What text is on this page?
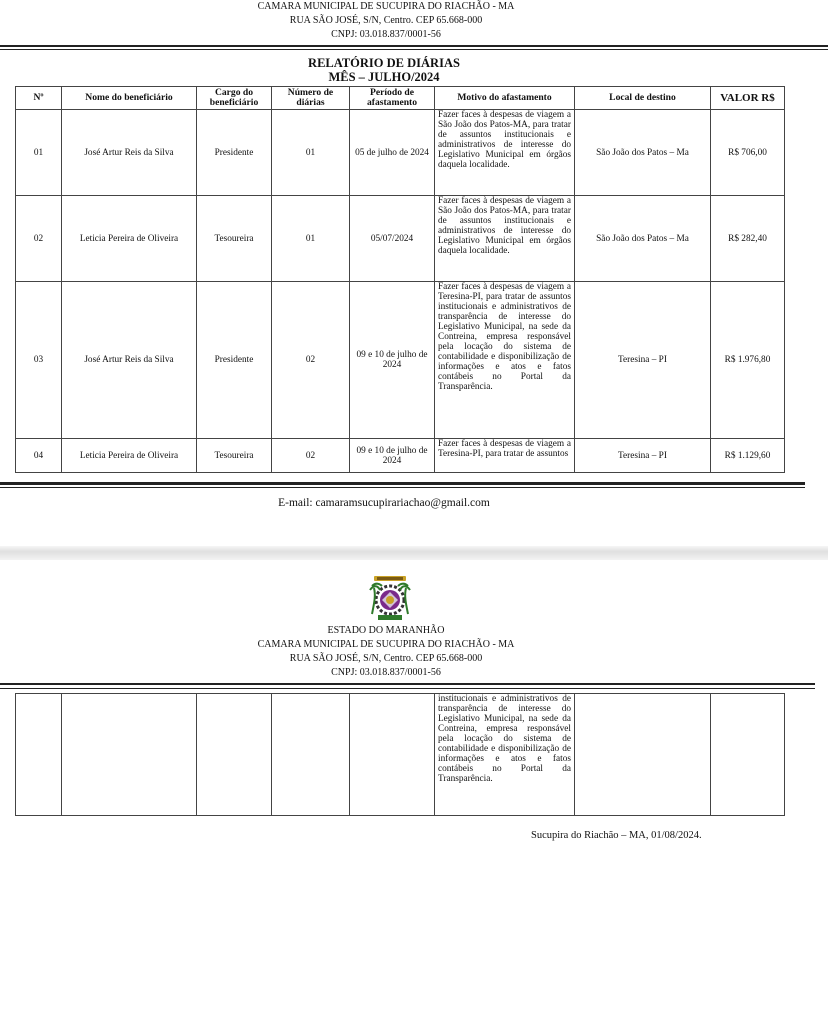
CAMARA MUNICIPAL DE SUCUPIRA DO RIACHÃO - MA
RUA SÃO JOSÉ, S/N, Centro. CEP 65.668-000
CNPJ: 03.018.837/0001-56
RELATÓRIO DE DIÁRIAS
MÊS – JULHO/2024
Nº	Nome do beneficiário	Cargo do beneficiário	Número de diárias	Período de afastamento	Motivo do afastamento	Local de destino	VALOR R$
01	José Artur Reis da Silva	Presidente	01	05 de julho de 2024	Fazer faces à despesas de viagem a São João dos Patos-MA, para tratar de assuntos institucionais e administrativos de interesse do Legislativo Municipal em órgãos daquela localidade.	São João dos Patos – Ma	R$ 706,00
02	Leticia Pereira de Oliveira	Tesoureira	01	05/07/2024	Fazer faces à despesas de viagem a São João dos Patos-MA, para tratar de assuntos institucionais e administrativos de interesse do Legislativo Municipal em órgãos daquela localidade.	São João dos Patos – Ma	R$ 282,40
03	José Artur Reis da Silva	Presidente	02	09 e 10 de julho de 2024	Fazer faces à despesas de viagem a Teresina-PI, para tratar de assuntos institucionais e administrativos de transparência de interesse do Legislativo Municipal, na sede da Contreina, empresa responsável pela locação do sistema de contabilidade e disponibilização de informações e atos e fatos contábeis no Portal da Transparência.	Teresina – PI	R$ 1.976,80
04	Leticia Pereira de Oliveira	Tesoureira	02	09 e 10 de julho de 2024	Fazer faces à despesas de viagem a Teresina-PI, para tratar de assuntos	Teresina – PI	R$ 1.129,60
E-mail: camaramsucupirariachao@gmail.com
ESTADO DO MARANHÃO
CAMARA MUNICIPAL DE SUCUPIRA DO RIACHÃO - MA
RUA SÃO JOSÉ, S/N, Centro. CEP 65.668-000
CNPJ: 03.018.837/0001-56
					institucionais e administrativos de transparência de interesse do Legislativo Municipal, na sede da Contreina, empresa responsável pela locação do sistema de contabilidade e disponibilização de informações e atos e fatos contábeis no Portal da Transparência.		
Sucupira do Riachão – MA, 01/08/2024.
